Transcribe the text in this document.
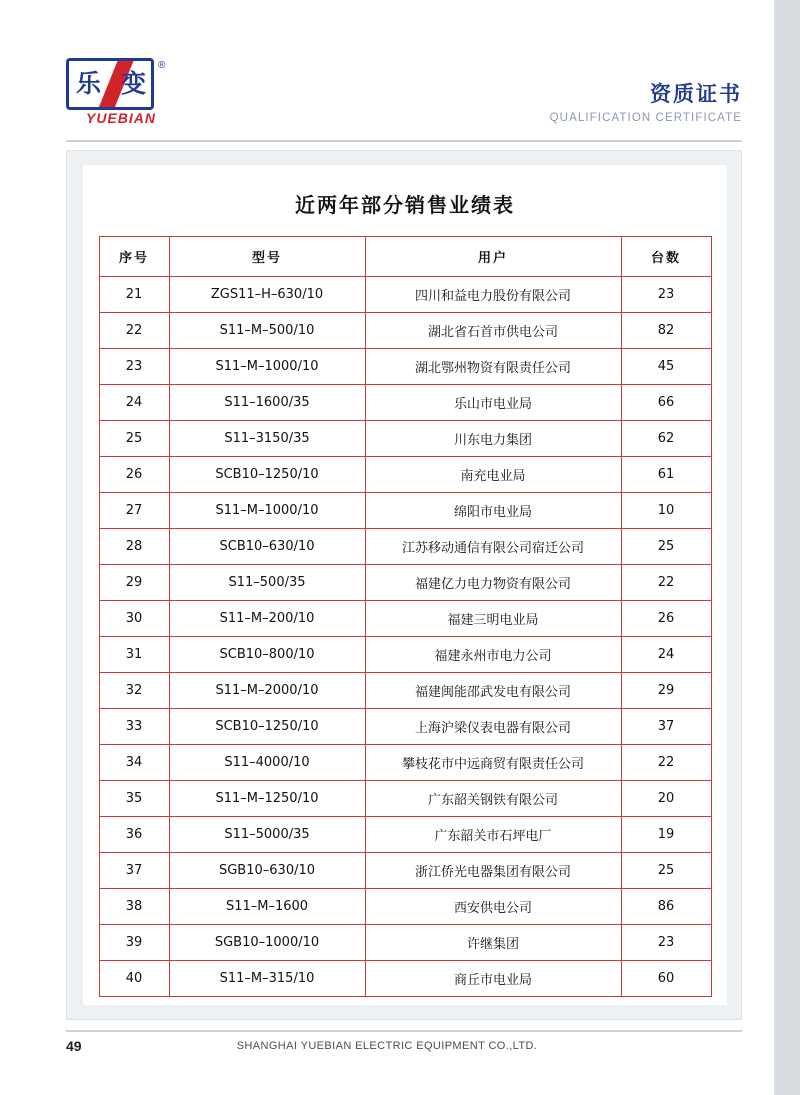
乐 变
®
YUEBIAN
资质证书
QUALIFICATION CERTIFICATE
近两年部分销售业绩表
序号	型号	用户	台数
21	ZGS11–H–630/10	四川和益电力股份有限公司	23
22	S11–M–500/10	湖北省石首市供电公司	82
23	S11–M–1000/10	湖北鄂州物资有限责任公司	45
24	S11–1600/35	乐山市电业局	66
25	S11–3150/35	川东电力集团	62
26	SCB10–1250/10	南充电业局	61
27	S11–M–1000/10	绵阳市电业局	10
28	SCB10–630/10	江苏移动通信有限公司宿迁公司	25
29	S11–500/35	福建亿力电力物资有限公司	22
30	S11–M–200/10	福建三明电业局	26
31	SCB10–800/10	福建永州市电力公司	24
32	S11–M–2000/10	福建闽能邵武发电有限公司	29
33	SCB10–1250/10	上海沪梁仪表电器有限公司	37
34	S11–4000/10	攀枝花市中远商贸有限责任公司	22
35	S11–M–1250/10	广东韶关钢铁有限公司	20
36	S11–5000/35	广东韶关市石坪电厂	19
37	SGB10–630/10	浙江侨光电器集团有限公司	25
38	S11–M–1600	西安供电公司	86
39	SGB10–1000/10	许继集团	23
40	S11–M–315/10	商丘市电业局	60
49	SHANGHAI YUEBIAN ELECTRIC EQUIPMENT CO.,LTD.
